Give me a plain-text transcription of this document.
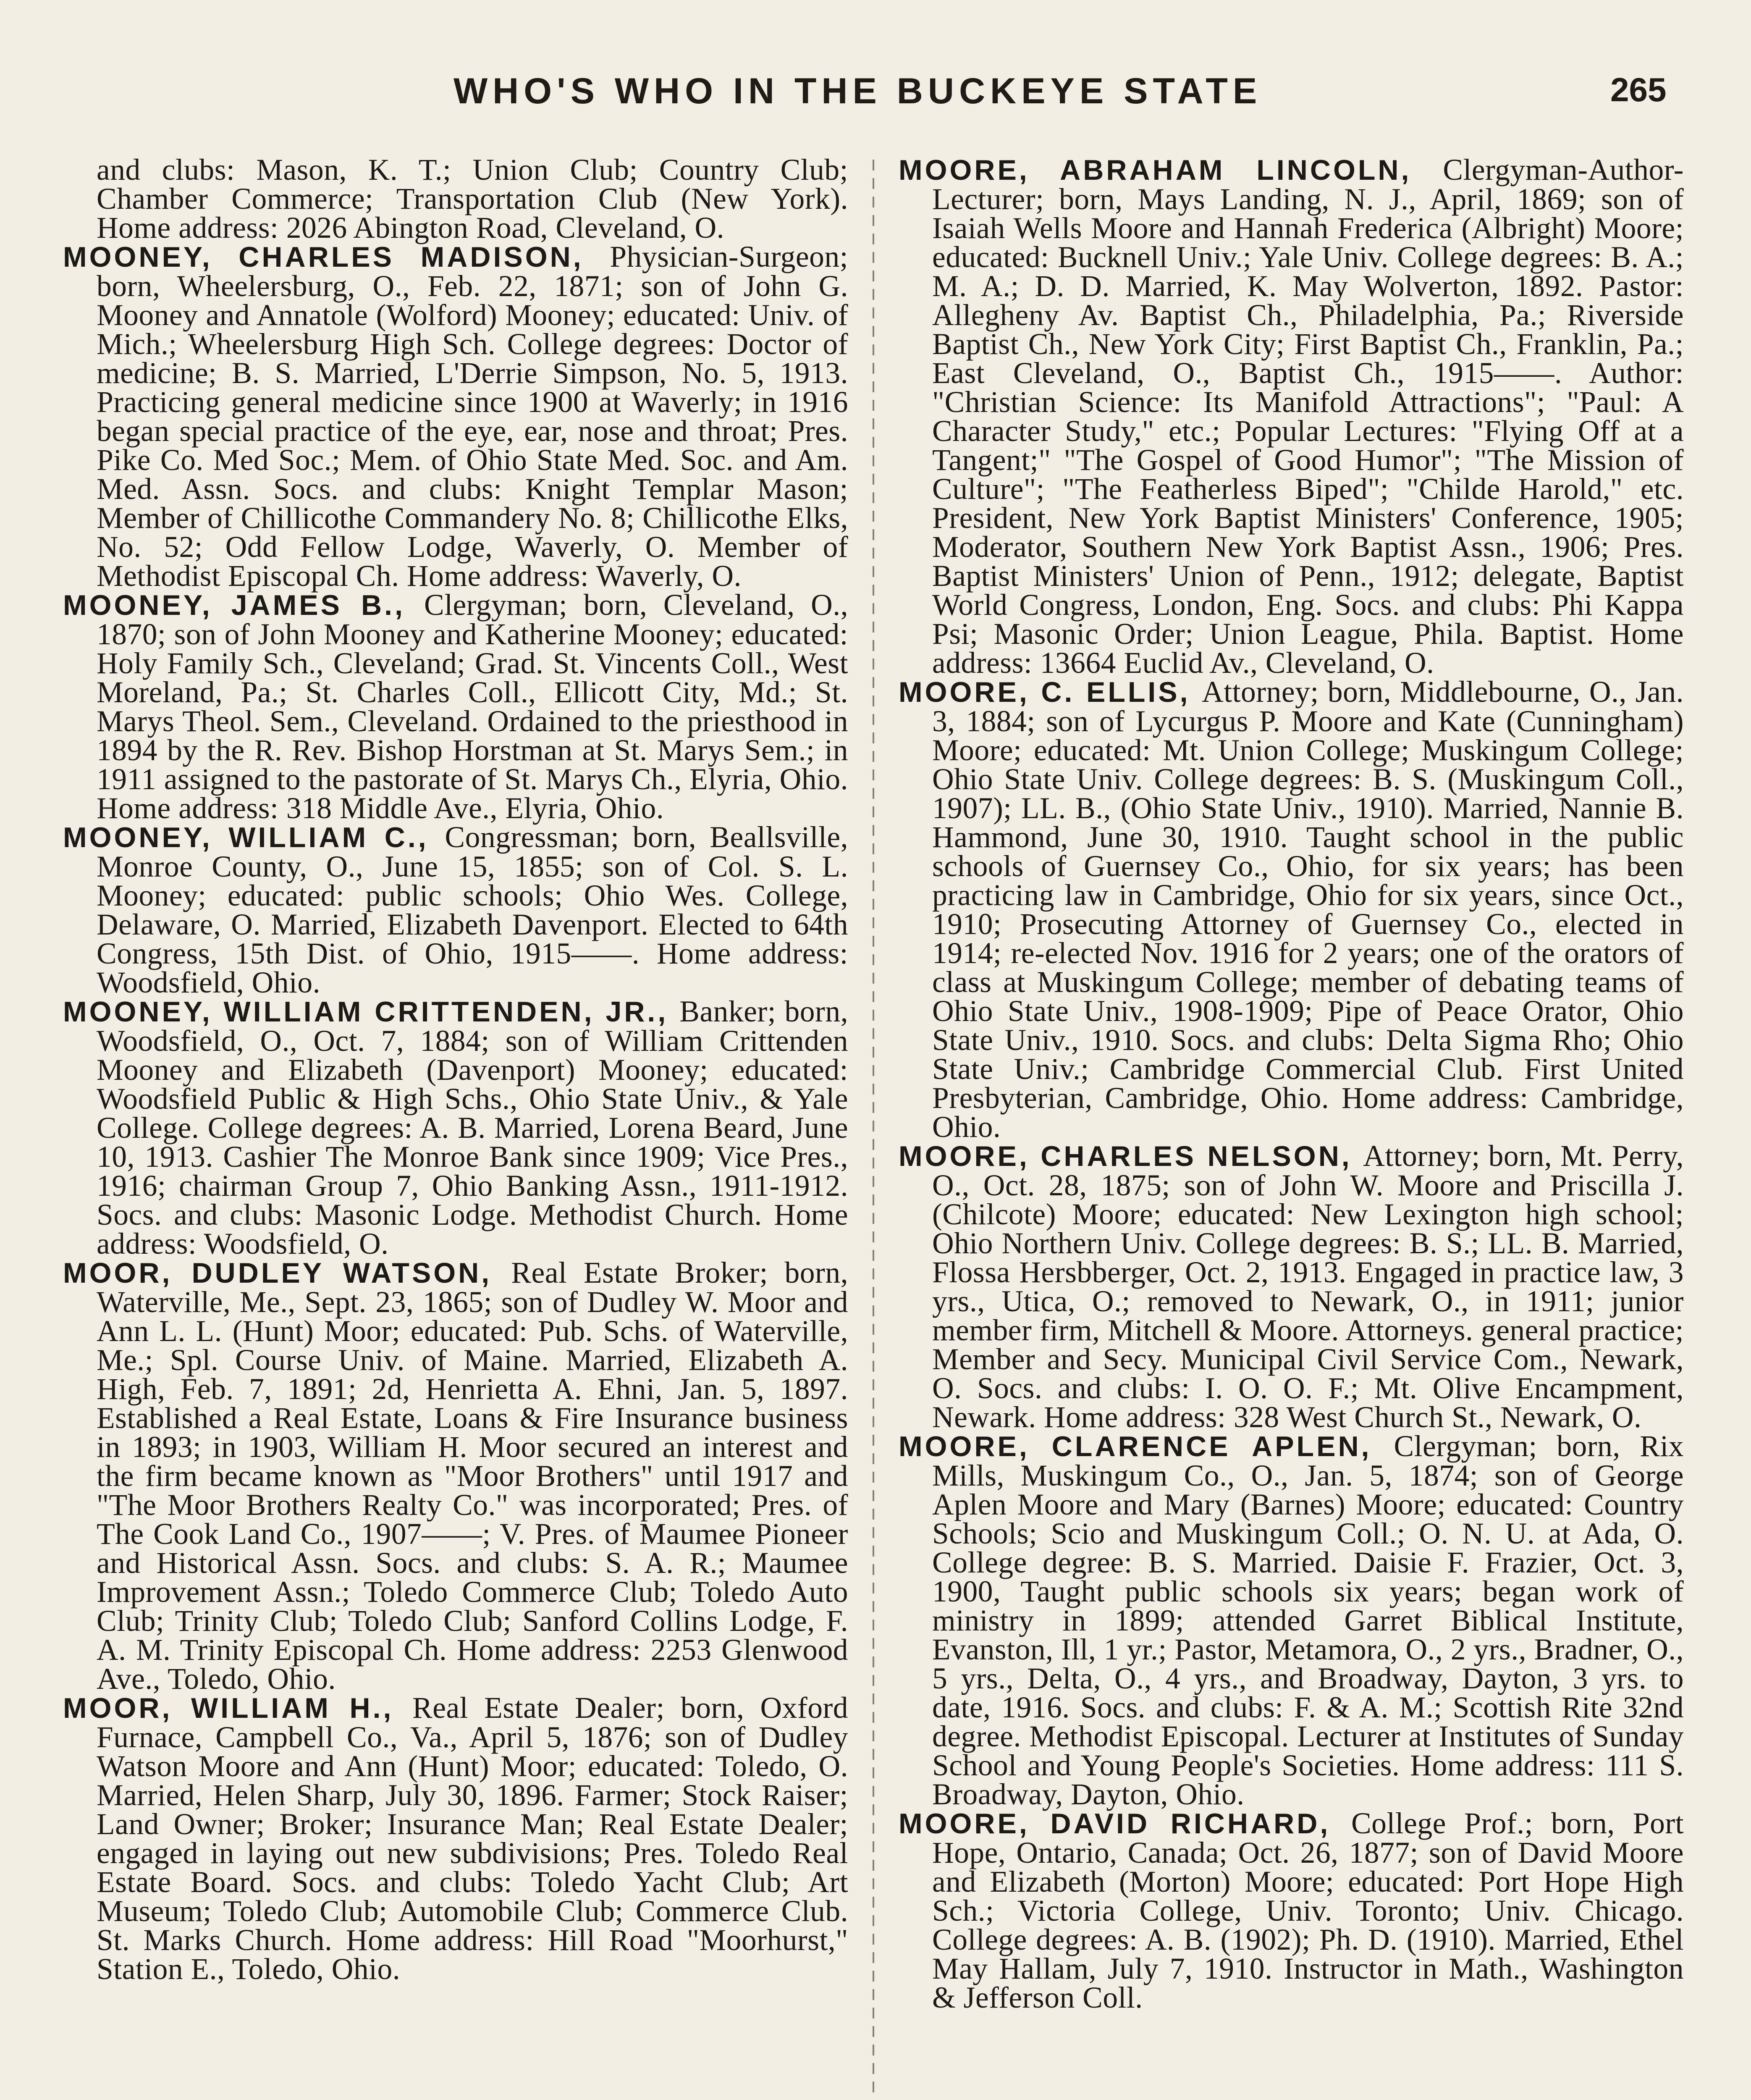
WHO'S WHO IN THE BUCKEYE STATE	265
and clubs: Mason, K. T.; Union Club; Country Club; Chamber Commerce; Transportation Club (New York). Home address: 2026 Abington Road, Cleveland, O.
MOONEY, CHARLES MADISON, Physician-Surgeon; born, Wheelersburg, O., Feb. 22, 1871; son of John G. Mooney and Annatole (Wolford) Mooney; educated: Univ. of Mich.; Wheelersburg High Sch. College degrees: Doctor of medicine; B. S. Married, L'Derrie Simpson, No. 5, 1913. Practicing general medicine since 1900 at Waverly; in 1916 began special practice of the eye, ear, nose and throat; Pres. Pike Co. Med Soc.; Mem. of Ohio State Med. Soc. and Am. Med. Assn. Socs. and clubs: Knight Templar Mason; Member of Chillicothe Commandery No. 8; Chillicothe Elks, No. 52; Odd Fellow Lodge, Waverly, O. Member of Methodist Episcopal Ch. Home address: Waverly, O.
MOONEY, JAMES B., Clergyman; born, Cleveland, O., 1870; son of John Mooney and Katherine Mooney; educated: Holy Family Sch., Cleveland; Grad. St. Vincents Coll., West Moreland, Pa.; St. Charles Coll., Ellicott City, Md.; St. Marys Theol. Sem., Cleveland. Ordained to the priesthood in 1894 by the R. Rev. Bishop Horstman at St. Marys Sem.; in 1911 assigned to the pastorate of St. Marys Ch., Elyria, Ohio. Home address: 318 Middle Ave., Elyria, Ohio.
MOONEY, WILLIAM C., Congressman; born, Beallsville, Monroe County, O., June 15, 1855; son of Col. S. L. Mooney; educated: public schools; Ohio Wes. College, Delaware, O. Married, Elizabeth Davenport. Elected to 64th Congress, 15th Dist. of Ohio, 1915——. Home address: Woodsfield, Ohio.
MOONEY, WILLIAM CRITTENDEN, JR., Banker; born, Woodsfield, O., Oct. 7, 1884; son of William Crittenden Mooney and Elizabeth (Davenport) Mooney; educated: Woodsfield Public & High Schs., Ohio State Univ., & Yale College. College degrees: A. B. Married, Lorena Beard, June 10, 1913. Cashier The Monroe Bank since 1909; Vice Pres., 1916; chairman Group 7, Ohio Banking Assn., 1911-1912. Socs. and clubs: Masonic Lodge. Methodist Church. Home address: Woodsfield, O.
MOOR, DUDLEY WATSON, Real Estate Broker; born, Waterville, Me., Sept. 23, 1865; son of Dudley W. Moor and Ann L. L. (Hunt) Moor; educated: Pub. Schs. of Waterville, Me.; Spl. Course Univ. of Maine. Married, Elizabeth A. High, Feb. 7, 1891; 2d, Henrietta A. Ehni, Jan. 5, 1897. Established a Real Estate, Loans & Fire Insurance business in 1893; in 1903, William H. Moor secured an interest and the firm became known as "Moor Brothers" until 1917 and "The Moor Brothers Realty Co." was incorporated; Pres. of The Cook Land Co., 1907——; V. Pres. of Maumee Pioneer and Historical Assn. Socs. and clubs: S. A. R.; Maumee Improvement Assn.; Toledo Commerce Club; Toledo Auto Club; Trinity Club; Toledo Club; Sanford Collins Lodge, F. A. M. Trinity Episcopal Ch. Home address: 2253 Glenwood Ave., Toledo, Ohio.
MOOR, WILLIAM H., Real Estate Dealer; born, Oxford Furnace, Campbell Co., Va., April 5, 1876; son of Dudley Watson Moore and Ann (Hunt) Moor; educated: Toledo, O. Married, Helen Sharp, July 30, 1896. Farmer; Stock Raiser; Land Owner; Broker; Insurance Man; Real Estate Dealer; engaged in laying out new subdivisions; Pres. Toledo Real Estate Board. Socs. and clubs: Toledo Yacht Club; Art Museum; Toledo Club; Automobile Club; Commerce Club. St. Marks Church. Home address: Hill Road "Moorhurst," Station E., Toledo, Ohio.
MOORE, ABRAHAM LINCOLN, Clergyman-Author-Lecturer; born, Mays Landing, N. J., April, 1869; son of Isaiah Wells Moore and Hannah Frederica (Albright) Moore; educated: Bucknell Univ.; Yale Univ. College degrees: B. A.; M. A.; D. D. Married, K. May Wolverton, 1892. Pastor: Allegheny Av. Baptist Ch., Philadelphia, Pa.; Riverside Baptist Ch., New York City; First Baptist Ch., Franklin, Pa.; East Cleveland, O., Baptist Ch., 1915——. Author: "Christian Science: Its Manifold Attractions"; "Paul: A Character Study," etc.; Popular Lectures: "Flying Off at a Tangent;" "The Gospel of Good Humor"; "The Mission of Culture"; "The Featherless Biped"; "Childe Harold," etc. President, New York Baptist Ministers' Conference, 1905; Moderator, Southern New York Baptist Assn., 1906; Pres. Baptist Ministers' Union of Penn., 1912; delegate, Baptist World Congress, London, Eng. Socs. and clubs: Phi Kappa Psi; Masonic Order; Union League, Phila. Baptist. Home address: 13664 Euclid Av., Cleveland, O.
MOORE, C. ELLIS, Attorney; born, Middlebourne, O., Jan. 3, 1884; son of Lycurgus P. Moore and Kate (Cunningham) Moore; educated: Mt. Union College; Muskingum College; Ohio State Univ. College degrees: B. S. (Muskingum Coll., 1907); LL. B., (Ohio State Univ., 1910). Married, Nannie B. Hammond, June 30, 1910. Taught school in the public schools of Guernsey Co., Ohio, for six years; has been practicing law in Cambridge, Ohio for six years, since Oct., 1910; Prosecuting Attorney of Guernsey Co., elected in 1914; re-elected Nov. 1916 for 2 years; one of the orators of class at Muskingum College; member of debating teams of Ohio State Univ., 1908-1909; Pipe of Peace Orator, Ohio State Univ., 1910. Socs. and clubs: Delta Sigma Rho; Ohio State Univ.; Cambridge Commercial Club. First United Presbyterian, Cambridge, Ohio. Home address: Cambridge, Ohio.
MOORE, CHARLES NELSON, Attorney; born, Mt. Perry, O., Oct. 28, 1875; son of John W. Moore and Priscilla J. (Chilcote) Moore; educated: New Lexington high school; Ohio Northern Univ. College degrees: B. S.; LL. B. Married, Flossa Hersbberger, Oct. 2, 1913. Engaged in practice law, 3 yrs., Utica, O.; removed to Newark, O., in 1911; junior member firm, Mitchell & Moore. Attorneys. general practice; Member and Secy. Municipal Civil Service Com., Newark, O. Socs. and clubs: I. O. O. F.; Mt. Olive Encampment, Newark. Home address: 328 West Church St., Newark, O.
MOORE, CLARENCE APLEN, Clergyman; born, Rix Mills, Muskingum Co., O., Jan. 5, 1874; son of George Aplen Moore and Mary (Barnes) Moore; educated: Country Schools; Scio and Muskingum Coll.; O. N. U. at Ada, O. College degree: B. S. Married. Daisie F. Frazier, Oct. 3, 1900, Taught public schools six years; began work of ministry in 1899; attended Garret Biblical Institute, Evanston, Ill, 1 yr.; Pastor, Metamora, O., 2 yrs., Bradner, O., 5 yrs., Delta, O., 4 yrs., and Broadway, Dayton, 3 yrs. to date, 1916. Socs. and clubs: F. & A. M.; Scottish Rite 32nd degree. Methodist Episcopal. Lecturer at Institutes of Sunday School and Young People's Societies. Home address: 111 S. Broadway, Dayton, Ohio.
MOORE, DAVID RICHARD, College Prof.; born, Port Hope, Ontario, Canada; Oct. 26, 1877; son of David Moore and Elizabeth (Morton) Moore; educated: Port Hope High Sch.; Victoria College, Univ. Toronto; Univ. Chicago. College degrees: A. B. (1902); Ph. D. (1910). Married, Ethel May Hallam, July 7, 1910. Instructor in Math., Washington & Jefferson Coll.
